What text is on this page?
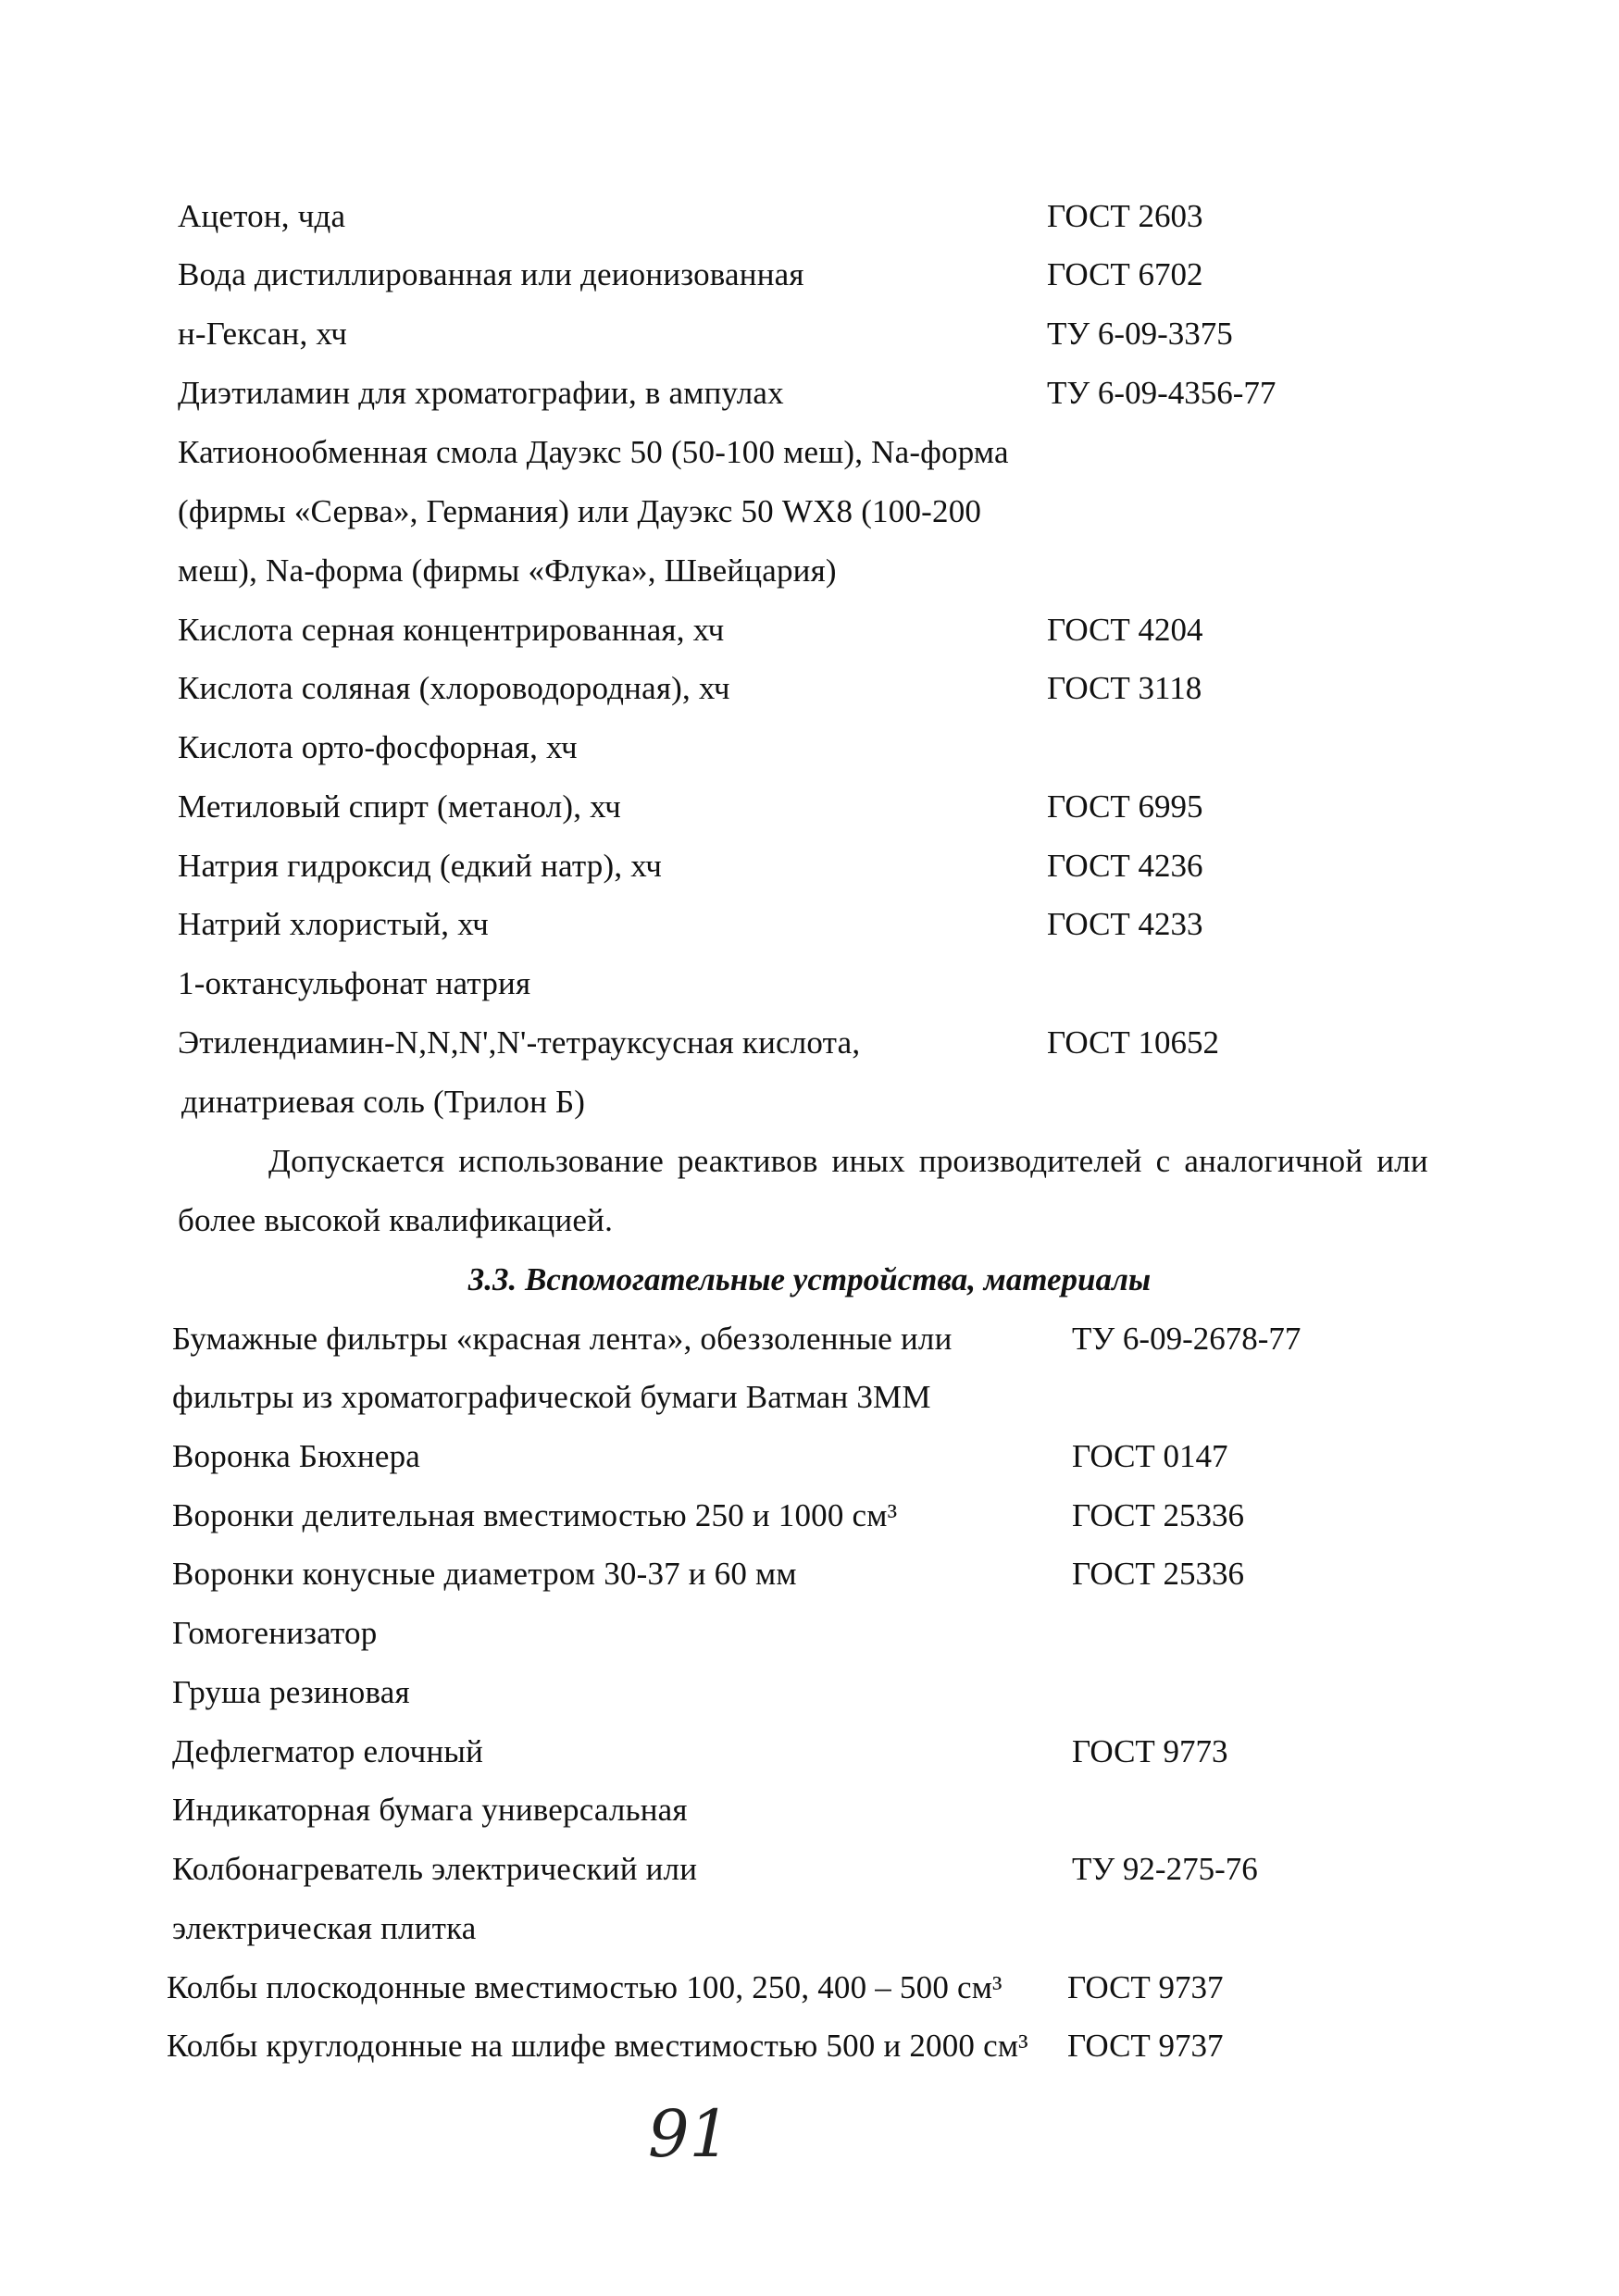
Ацетон, чда	ГОСТ 2603
Вода дистиллированная или деионизованная	ГОСТ 6702
н-Гексан, хч	ТУ 6-09-3375
Диэтиламин для хроматографии, в ампулах	ТУ 6-09-4356-77
Катионообменная смола Дауэкс 50 (50-100 меш), Na-форма
(фирмы «Серва», Германия) или Дауэкс 50 WX8 (100-200
меш), Na-форма (фирмы «Флука», Швейцария)
Кислота серная концентрированная, хч	ГОСТ 4204
Кислота соляная (хлороводородная), хч	ГОСТ 3118
Кислота орто-фосфорная, хч
Метиловый спирт (метанол), хч	ГОСТ 6995
Натрия гидроксид (едкий натр), хч	ГОСТ 4236
Натрий хлористый, хч	ГОСТ 4233
1-октансульфонат натрия
Этилендиамин-N,N,N',N'-тетрауксусная кислота,	ГОСТ 10652
динатриевая соль (Трилон Б)
Допускается использование реактивов иных производителей с аналогичной или
более высокой квалификацией.
3.3. Вспомогательные устройства, материалы
Бумажные фильтры «красная лента», обеззоленные или	ТУ 6-09-2678-77
фильтры из хроматографической бумаги Ватман 3ММ
Воронка Бюхнера	ГОСТ 0147
Воронки делительная вместимостью 250 и 1000 см³	ГОСТ 25336
Воронки конусные диаметром 30-37 и 60 мм	ГОСТ 25336
Гомогенизатор
Груша резиновая
Дефлегматор елочный	ГОСТ 9773
Индикаторная бумага универсальная
Колбонагреватель электрический или	ТУ 92-275-76
электрическая плитка
Колбы плоскодонные вместимостью 100, 250, 400 – 500 см³ ГОСТ 9737
Колбы круглодонные на шлифе вместимостью 500 и 2000 см³ ГОСТ 9737
91
